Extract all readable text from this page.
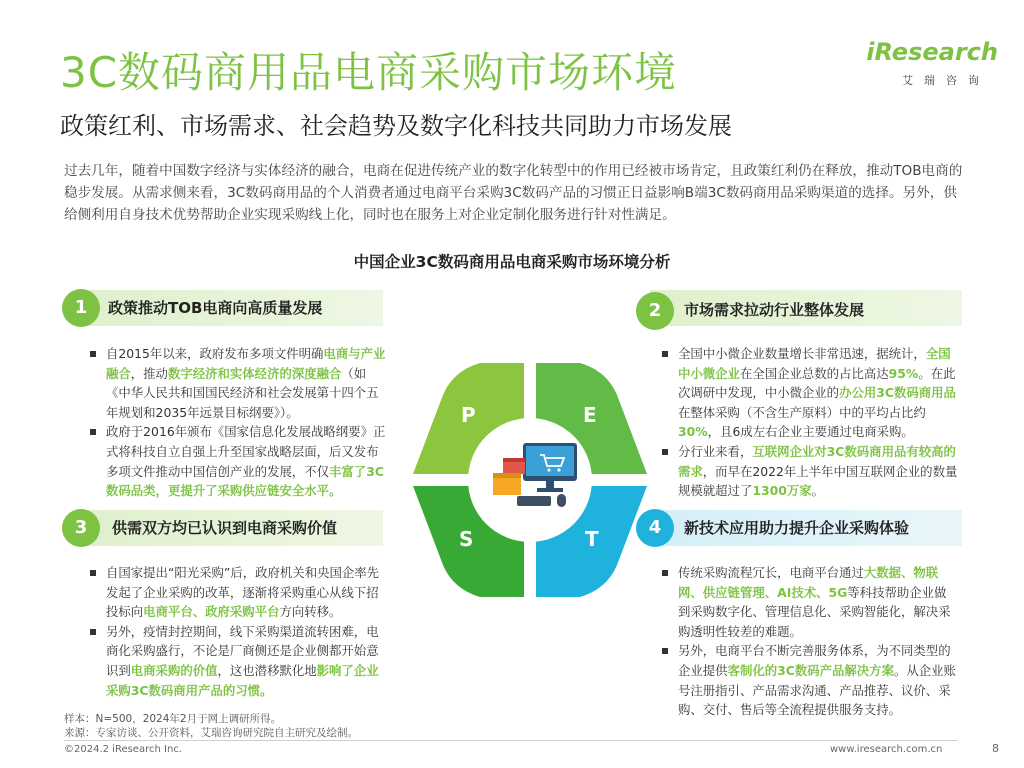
3C数码商用品电商采购市场环境
政策红利、市场需求、社会趋势及数字化科技共同助力市场发展
iResearch
艾瑞咨询
过去几年，随着中国数字经济与实体经济的融合，电商在促进传统产业的数字化转型中的作用已经被市场肯定，且政策红利仍在释放，推动TOB电商的稳步发展。从需求侧来看，3C数码商用品的个人消费者通过电商平台采购3C数码产品的习惯正日益影响B端3C数码商用品采购渠道的选择。另外，供给侧利用自身技术优势帮助企业实现采购线上化，同时也在服务上对企业定制化服务进行针对性满足。
中国企业3C数码商用品电商采购市场环境分析
1	政策推动TOB电商向高质量发展
自2015年以来，政府发布多项文件明确电商与产业融合，推动数字经济和实体经济的深度融合（如《中华人民共和国国民经济和社会发展第十四个五年规划和2035年远景目标纲要》）。
政府于2016年颁布《国家信息化发展战略纲要》正式将科技自立自强上升至国家战略层面，后又发布多项文件推动中国信创产业的发展，不仅丰富了3C数码品类，更提升了采购供应链安全水平。
2	市场需求拉动行业整体发展
全国中小微企业数量增长非常迅速，据统计，全国中小微企业在全国企业总数的占比高达95%。在此次调研中发现，中小微企业的办公用3C数码商用品在整体采购（不含生产原料）中的平均占比约30%，且6成左右企业主要通过电商采购。
分行业来看，互联网企业对3C数码商用品有较高的需求，而早在2022年上半年中国互联网企业的数量规模就超过了1300万家。
3	供需双方均已认识到电商采购价值
自国家提出“阳光采购”后，政府机关和央国企率先发起了企业采购的改革，逐渐将采购重心从线下招投标向电商平台、政府采购平台方向转移。
另外，疫情封控期间，线下采购渠道流转困难，电商化采购盛行，不论是厂商侧还是企业侧都开始意识到电商采购的价值，这也潜移默化地影响了企业采购3C数码商用产品的习惯。
4	新技术应用助力提升企业采购体验
传统采购流程冗长，电商平台通过大数据、物联网、供应链管理、AI技术、5G等科技帮助企业做到采购数字化、管理信息化、采购智能化，解决采购透明性较差的难题。
另外，电商平台不断完善服务体系，为不同类型的企业提供客制化的3C数码产品解决方案。从企业账号注册指引、产品需求沟通、产品推荐、议价、采购、交付、售后等全流程提供服务支持。
P	E
S	T
样本：N=500，2024年2月于网上调研所得。
来源：专家访谈、公开资料，艾瑞咨询研究院自主研究及绘制。
©2024.2 iResearch Inc.	www.iresearch.com.cn	8
